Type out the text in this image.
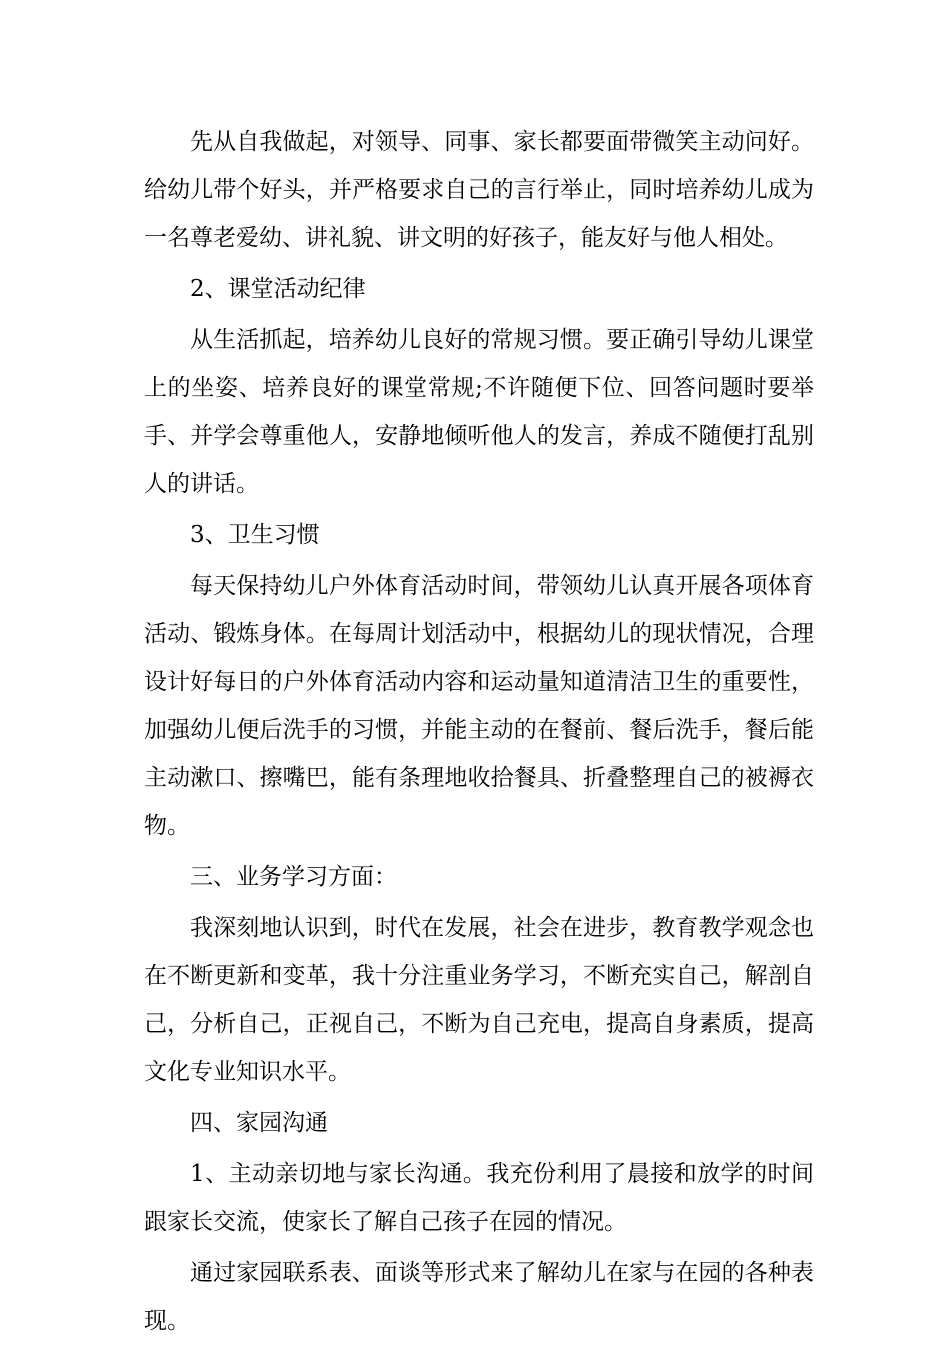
先从自我做起，对领导、同事、家长都要面带微笑主动问好。给幼儿带个好头，并严格要求自己的言行举止，同时培养幼儿成为一名尊老爱幼、讲礼貌、讲文明的好孩子，能友好与他人相处。

2、课堂活动纪律

从生活抓起，培养幼儿良好的常规习惯。要正确引导幼儿课堂上的坐姿、培养良好的课堂常规;不许随便下位、回答问题时要举手、并学会尊重他人，安静地倾听他人的发言，养成不随便打乱别人的讲话。

3、卫生习惯

每天保持幼儿户外体育活动时间，带领幼儿认真开展各项体育活动、锻炼身体。在每周计划活动中，根据幼儿的现状情况，合理设计好每日的户外体育活动内容和运动量知道清洁卫生的重要性，加强幼儿便后洗手的习惯，并能主动的在餐前、餐后洗手，餐后能主动漱口、擦嘴巴，能有条理地收拾餐具、折叠整理自己的被褥衣物。

三、业务学习方面：

我深刻地认识到，时代在发展，社会在进步，教育教学观念也在不断更新和变革，我十分注重业务学习，不断充实自己，解剖自己，分析自己，正视自己，不断为自己充电，提高自身素质，提高文化专业知识水平。

四、家园沟通

1、主动亲切地与家长沟通。我充份利用了晨接和放学的时间跟家长交流，使家长了解自己孩子在园的情况。

通过家园联系表、面谈等形式来了解幼儿在家与在园的各种表现。
